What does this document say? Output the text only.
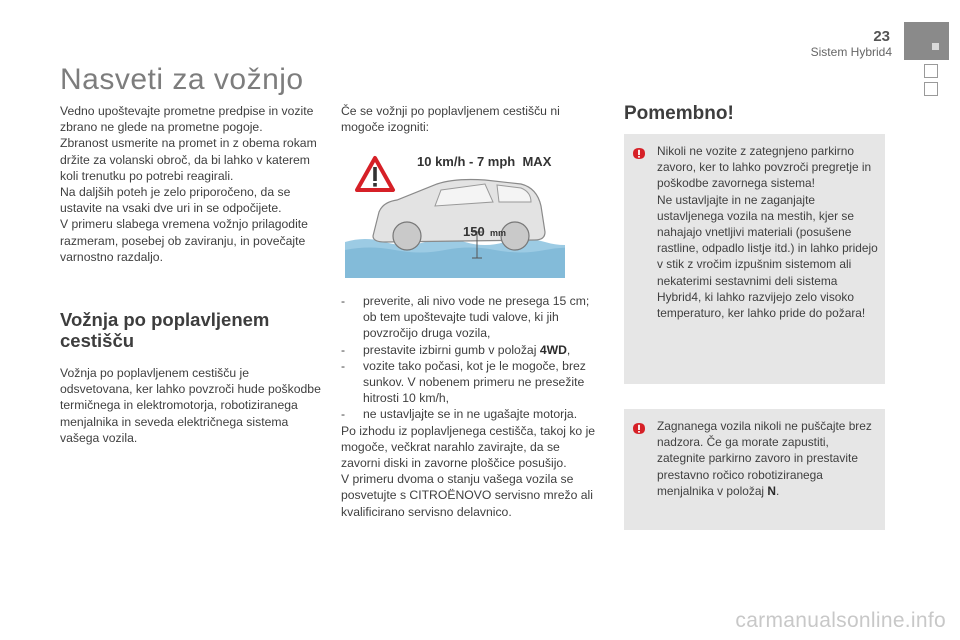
23
Sistem Hybrid4
Nasveti za vožnjo

Vedno upoštevajte prometne predpise in vozite zbrano ne glede na prometne pogoje.

Zbranost usmerite na promet in z obema rokam držite za volanski obroč, da bi lahko v katerem koli trenutku po potrebi reagirali.

Na daljših poteh je zelo priporočeno, da se ustavite na vsaki dve uri in se odpočijete.

V primeru slabega vremena vožnjo prilagodite razmeram, posebej ob zaviranju, in povečajte varnostno razdaljo.

Vožnja po poplavljenem cestišču
Vožnja po poplavljenem cestišču je odsvetovana, ker lahko povzroči hude poškodbe termičnega in elektromotorja, robotiziranega menjalnika in seveda električnega sistema vašega vozila.
Če se vožnji po poplavljenem cestišču ni mogoče izogniti:
10 km/h - 7 mph  MAX
150 mm
-	preverite, ali nivo vode ne presega 15 cm; ob tem upoštevajte tudi valove, ki jih povzročijo druga vozila,
-	prestavite izbirni gumb v položaj 4WD,
-	vozite tako počasi, kot je le mogoče, brez sunkov. V nobenem primeru ne presežite hitrosti 10 km/h,
-	ne ustavljajte se in ne ugašajte motorja.
Po izhodu iz poplavljenega cestišča, takoj ko je mogoče, večkrat narahlo zavirajte, da se zavorni diski in zavorne ploščice posušijo.
V primeru dvoma o stanju vašega vozila se posvetujte s CITROËNOVO servisno mrežo ali kvalificirano servisno delavnico.
Pomembno!
Nikoli ne vozite z zategnjeno parkirno zavoro, ker to lahko povzroči pregretje in poškodbe zavornega sistema!
Ne ustavljajte in ne zaganjajte ustavljenega vozila na mestih, kjer se nahajajo vnetljivi materiali (posušene rastline, odpadlo listje itd.) in lahko pridejo v stik z vročim izpušnim sistemom ali nekaterimi sestavnimi deli sistema Hybrid4, ki lahko razvijejo zelo visoko temperaturo, ker lahko pride do požara!
Zagnanega vozila nikoli ne puščajte brez nadzora. Če ga morate zapustiti, zategnite parkirno zavoro in prestavite prestavno ročico robotiziranega menjalnika v položaj N.
carmanualsonline.info
